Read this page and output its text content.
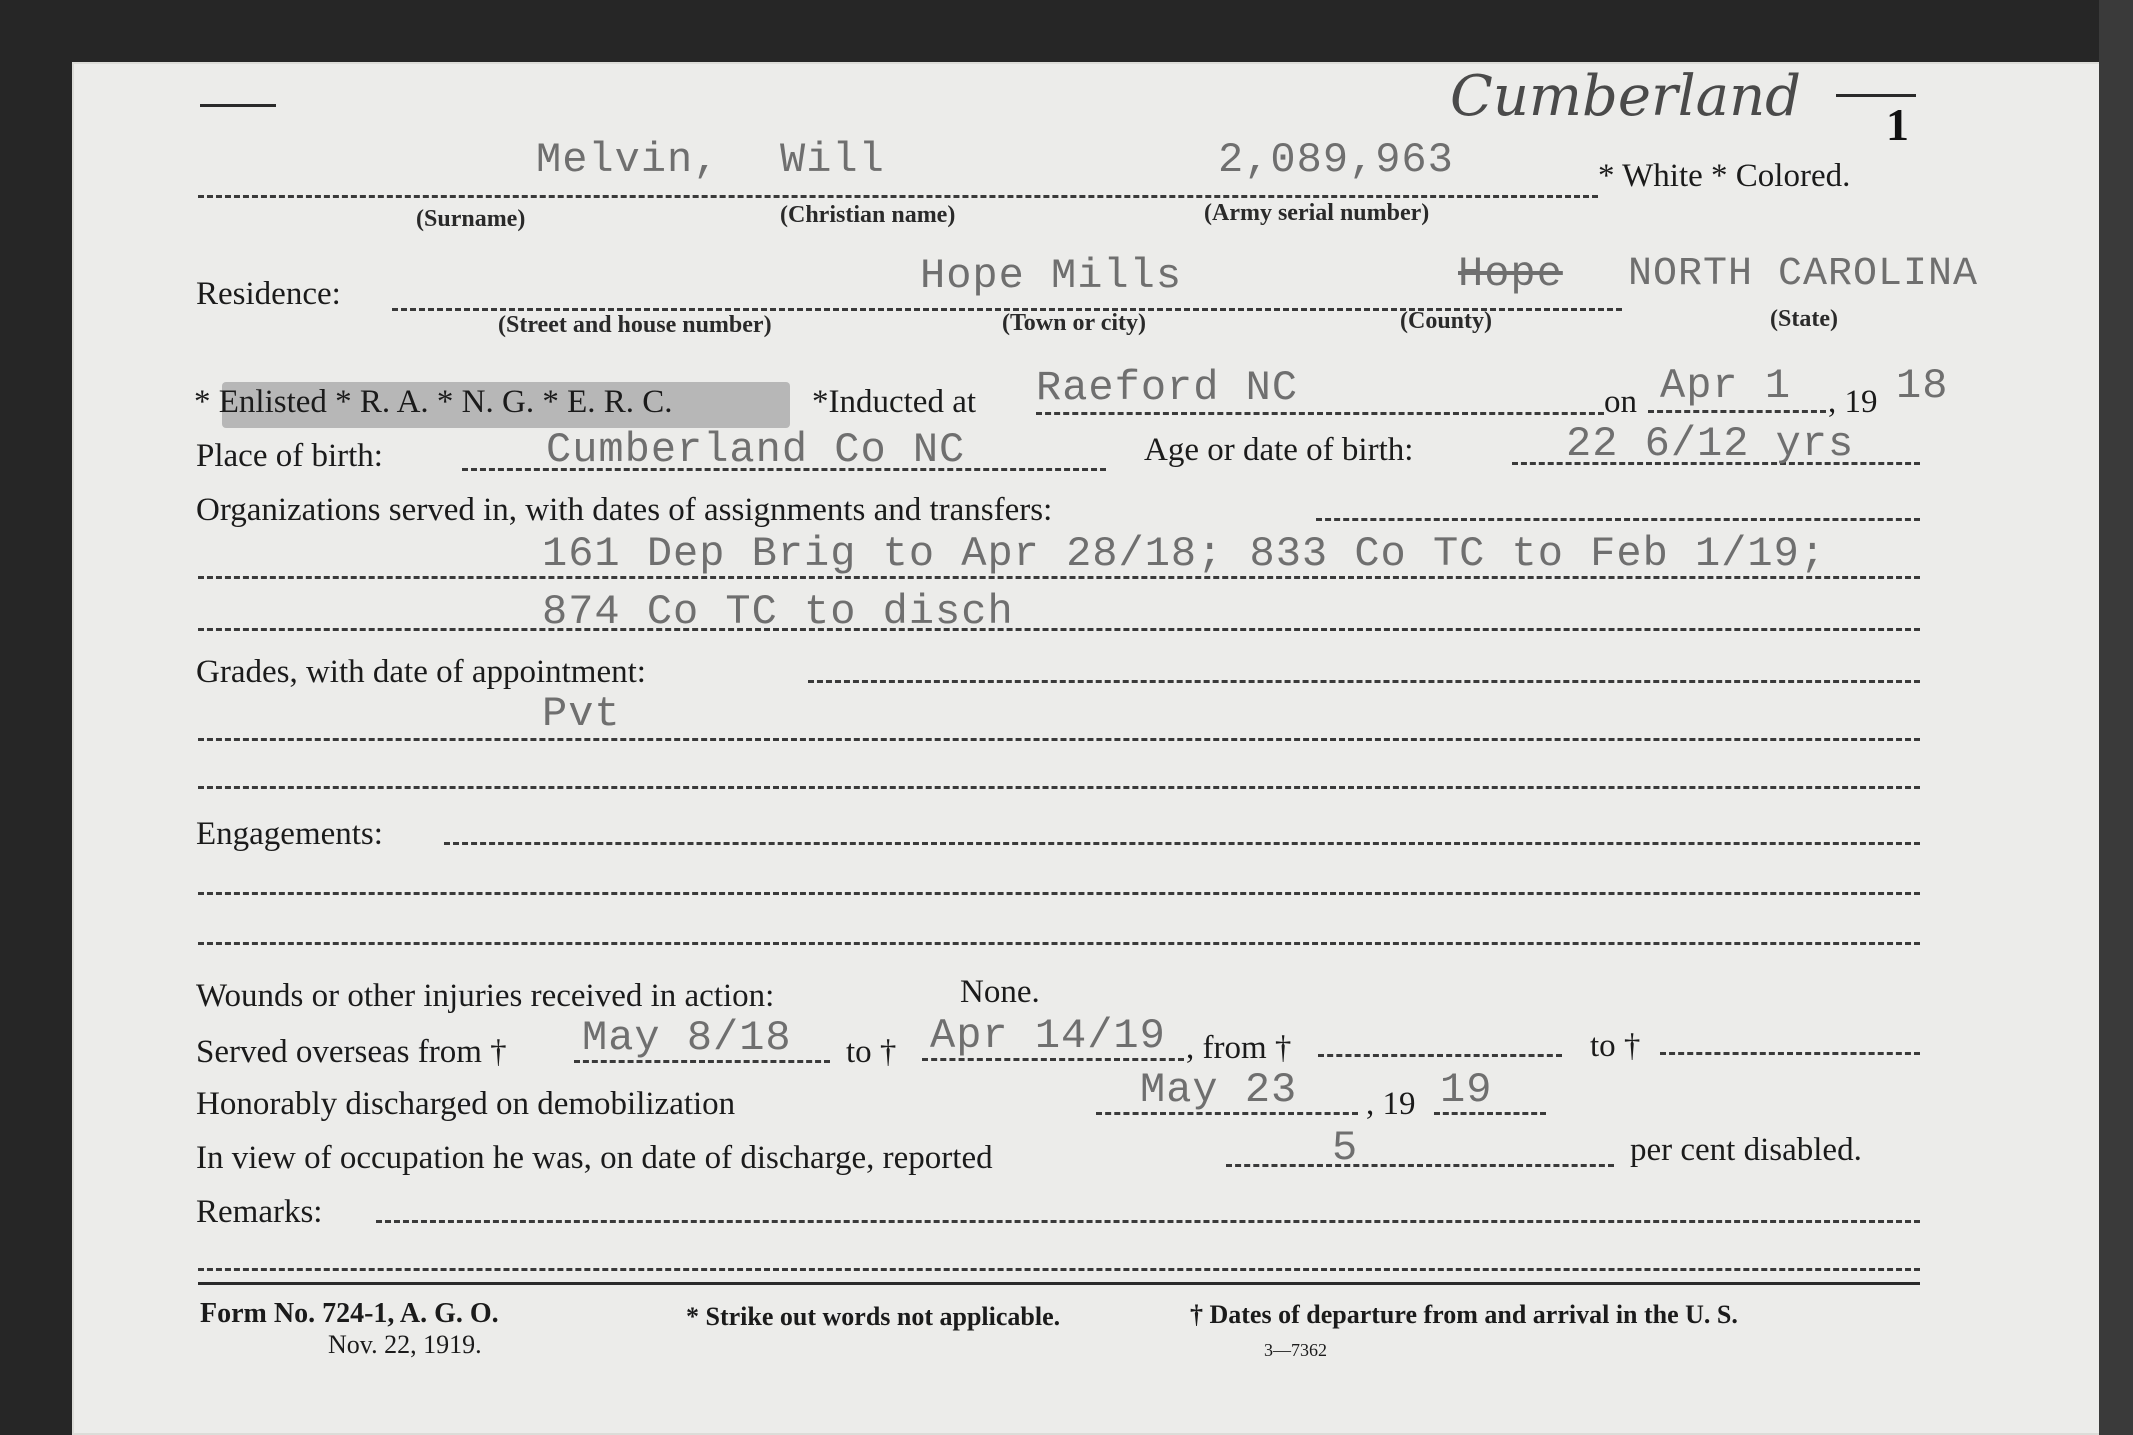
Cumberland 1
Melvin, Will	2,089,963	* White * Colored.
(Surname)	(Christian name)	(Army serial number)
Residence:	Hope Mills	Hope NORTH CAROLINA
(Street and house number)	(Town or city)	(County)	(State)
* Enlisted * R. A. * N. G. * E. R. C.	*Inducted at Raeford NC	on Apr 1 , 19 18
Place of birth:	Cumberland Co NC	Age or date of birth:	22 6/12 yrs
Organizations served in, with dates of assignments and transfers:
161 Dep Brig to Apr 28/18; 833 Co TC to Feb 1/19;
874 Co TC to disch
Grades, with date of appointment:
Pvt
Engagements:
Wounds or other injuries received in action:	None.
Served overseas from † May 8/18 to † Apr 14/19 , from †	to †
Honorably discharged on demobilization	May 23 , 19 19
In view of occupation he was, on date of discharge, reported	5	per cent disabled.
Remarks:
Form No. 724-1, A. G. O.
Nov. 22, 1919.
* Strike out words not applicable.	† Dates of departure from and arrival in the U. S.
3—7362
